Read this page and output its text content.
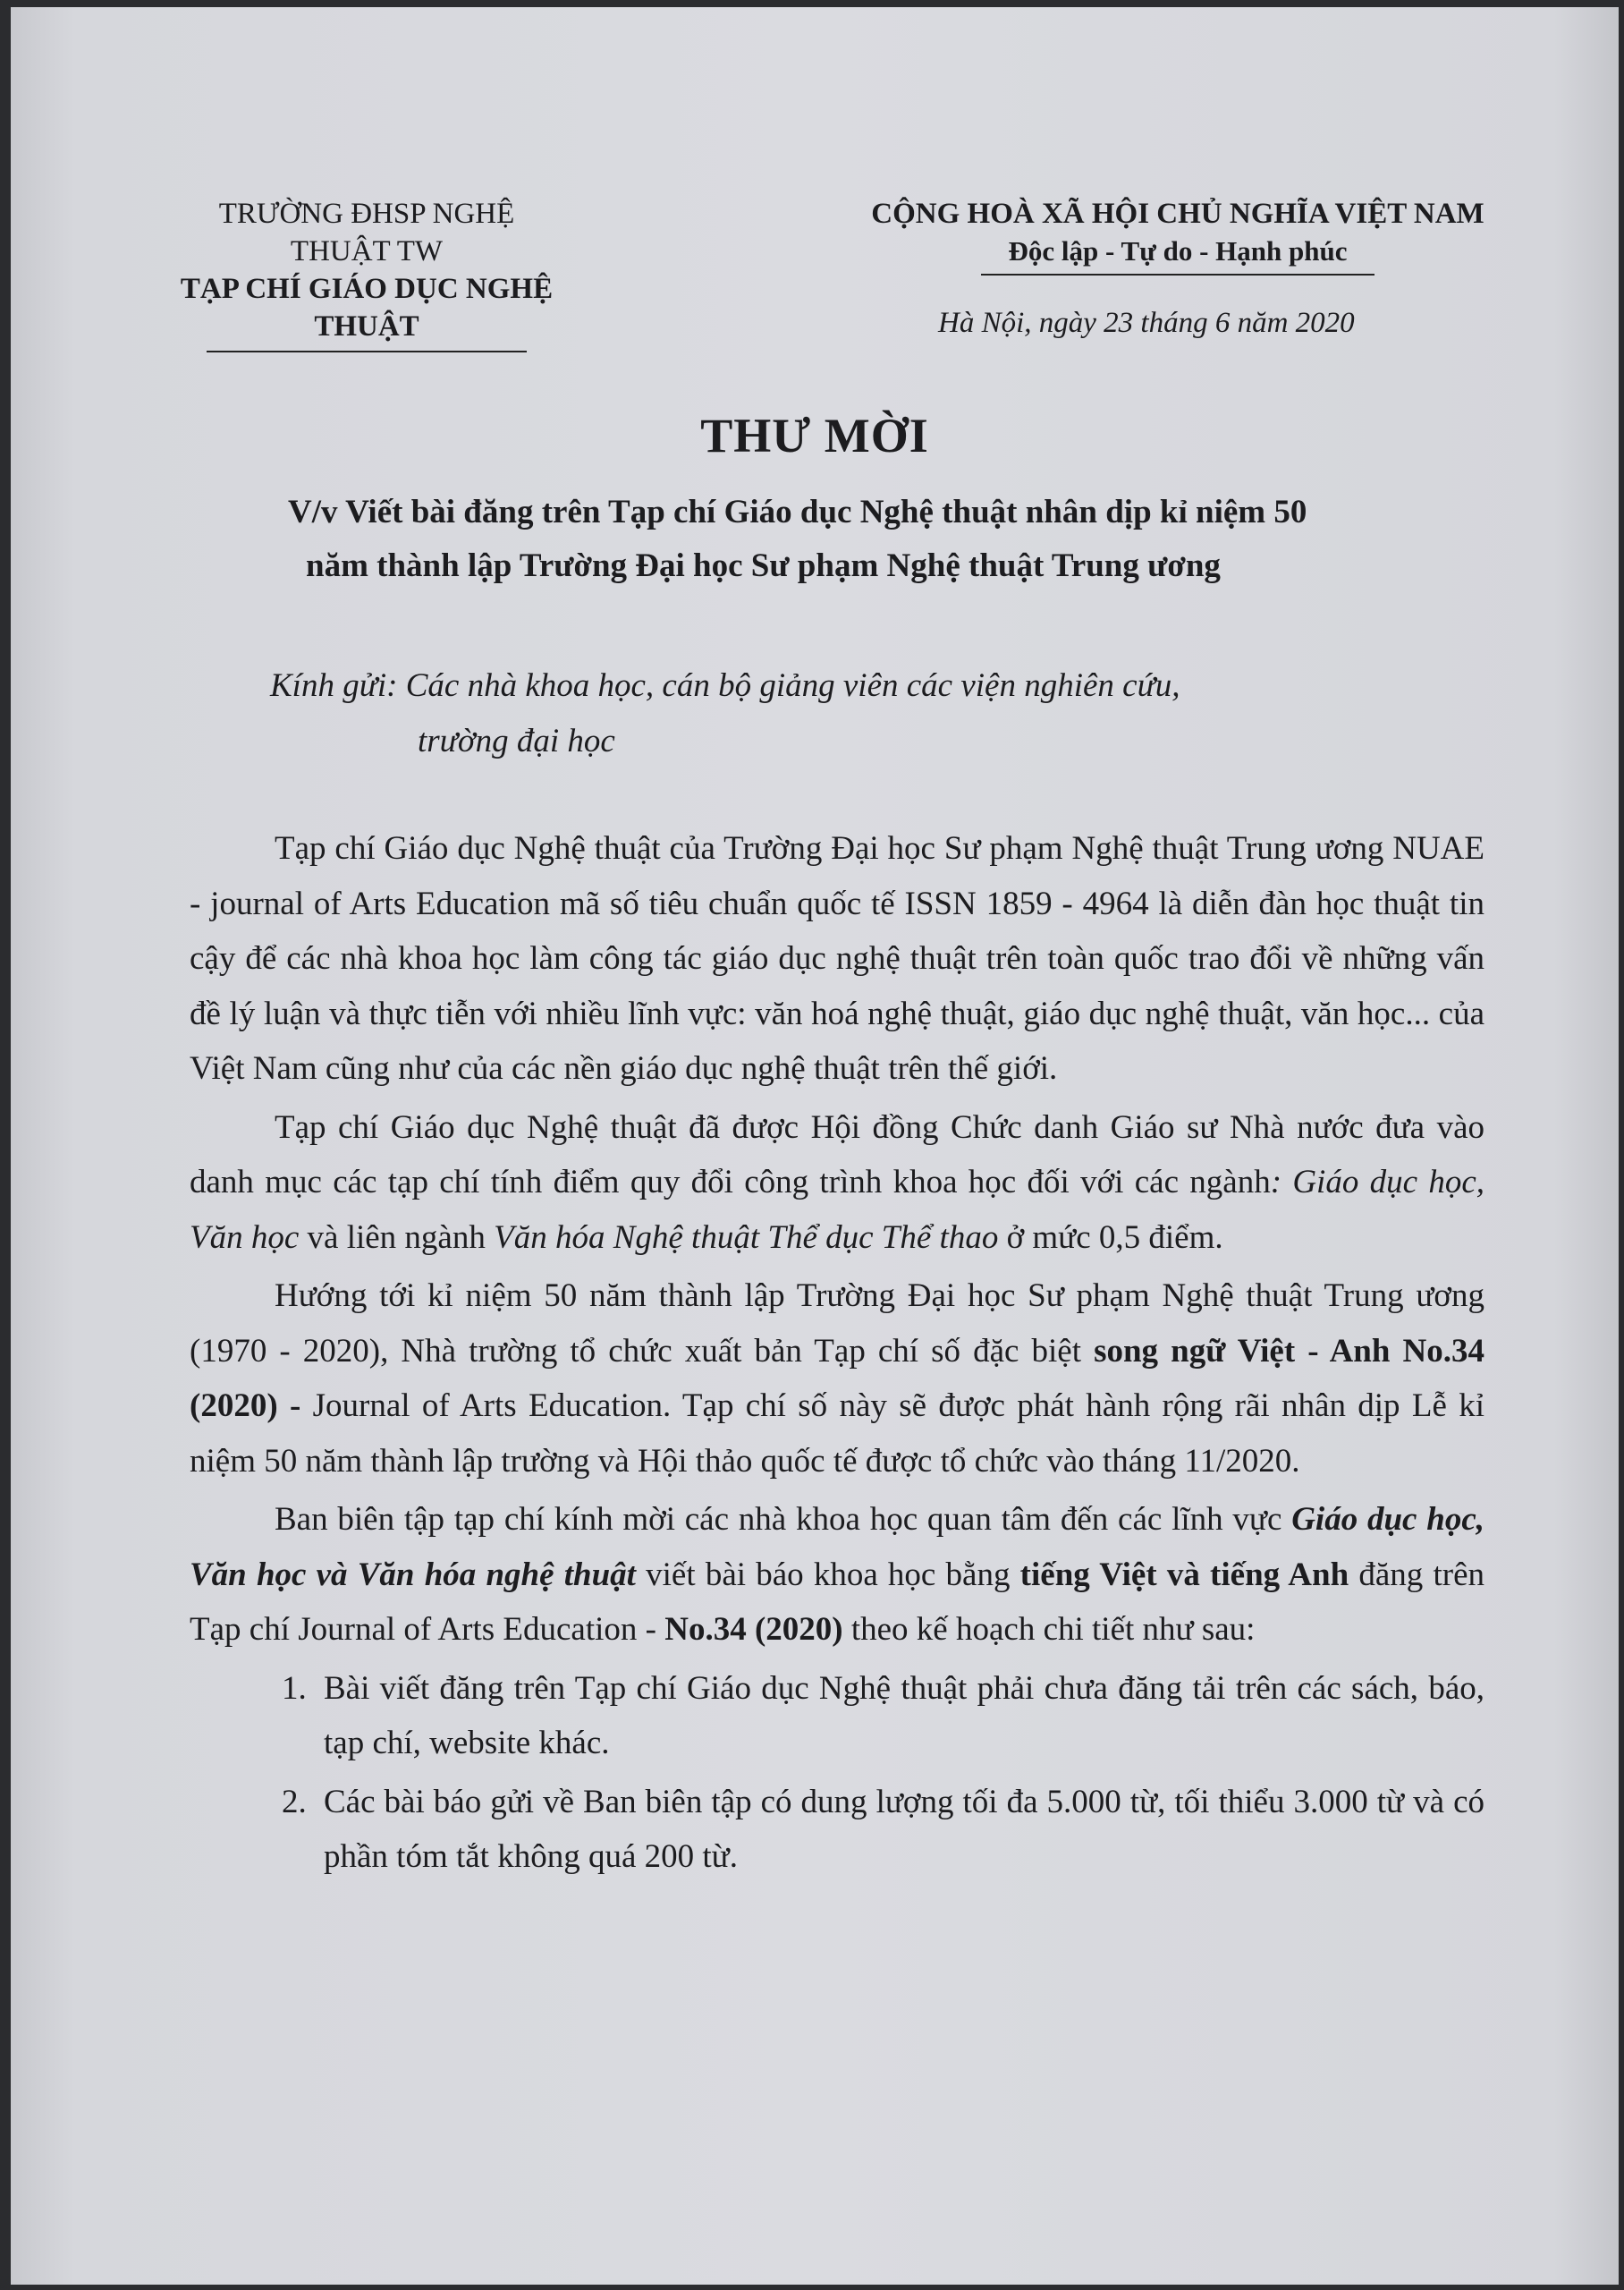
TRƯỜNG ĐHSP NGHỆ THUẬT TW
TẠP CHÍ GIÁO DỤC NGHỆ THUẬT
CỘNG HOÀ XÃ HỘI CHỦ NGHĨA VIỆT NAM
Độc lập - Tự do - Hạnh phúc
Hà Nội, ngày 23 tháng 6 năm 2020
THƯ MỜI
V/v Viết bài đăng trên Tạp chí Giáo dục Nghệ thuật nhân dịp kỉ niệm 50
năm thành lập Trường Đại học Sư phạm Nghệ thuật Trung ương
Kính gửi: Các nhà khoa học, cán bộ giảng viên các viện nghiên cứu,
trường đại học

Tạp chí Giáo dục Nghệ thuật của Trường Đại học Sư phạm Nghệ thuật Trung ương NUAE - journal of Arts Education mã số tiêu chuẩn quốc tế ISSN 1859 - 4964 là diễn đàn học thuật tin cậy để các nhà khoa học làm công tác giáo dục nghệ thuật trên toàn quốc trao đổi về những vấn đề lý luận và thực tiễn với nhiều lĩnh vực: văn hoá nghệ thuật, giáo dục nghệ thuật, văn học... của Việt Nam cũng như của các nền giáo dục nghệ thuật trên thế giới.

Tạp chí Giáo dục Nghệ thuật đã được Hội đồng Chức danh Giáo sư Nhà nước đưa vào danh mục các tạp chí tính điểm quy đổi công trình khoa học đối với các ngành: Giáo dục học, Văn học và liên ngành Văn hóa Nghệ thuật Thể dục Thể thao ở mức 0,5 điểm.

Hướng tới kỉ niệm 50 năm thành lập Trường Đại học Sư phạm Nghệ thuật Trung ương (1970 - 2020), Nhà trường tổ chức xuất bản Tạp chí số đặc biệt song ngữ Việt - Anh No.34 (2020) - Journal of Arts Education. Tạp chí số này sẽ được phát hành rộng rãi nhân dịp Lễ kỉ niệm 50 năm thành lập trường và Hội thảo quốc tế được tổ chức vào tháng 11/2020.

Ban biên tập tạp chí kính mời các nhà khoa học quan tâm đến các lĩnh vực Giáo dục học, Văn học và Văn hóa nghệ thuật viết bài báo khoa học bằng tiếng Việt và tiếng Anh đăng trên Tạp chí Journal of Arts Education - No.34 (2020) theo kế hoạch chi tiết như sau:

1. Bài viết đăng trên Tạp chí Giáo dục Nghệ thuật phải chưa đăng tải trên các sách, báo, tạp chí, website khác.
2. Các bài báo gửi về Ban biên tập có dung lượng tối đa 5.000 từ, tối thiểu 3.000 từ và có phần tóm tắt không quá 200 từ.
